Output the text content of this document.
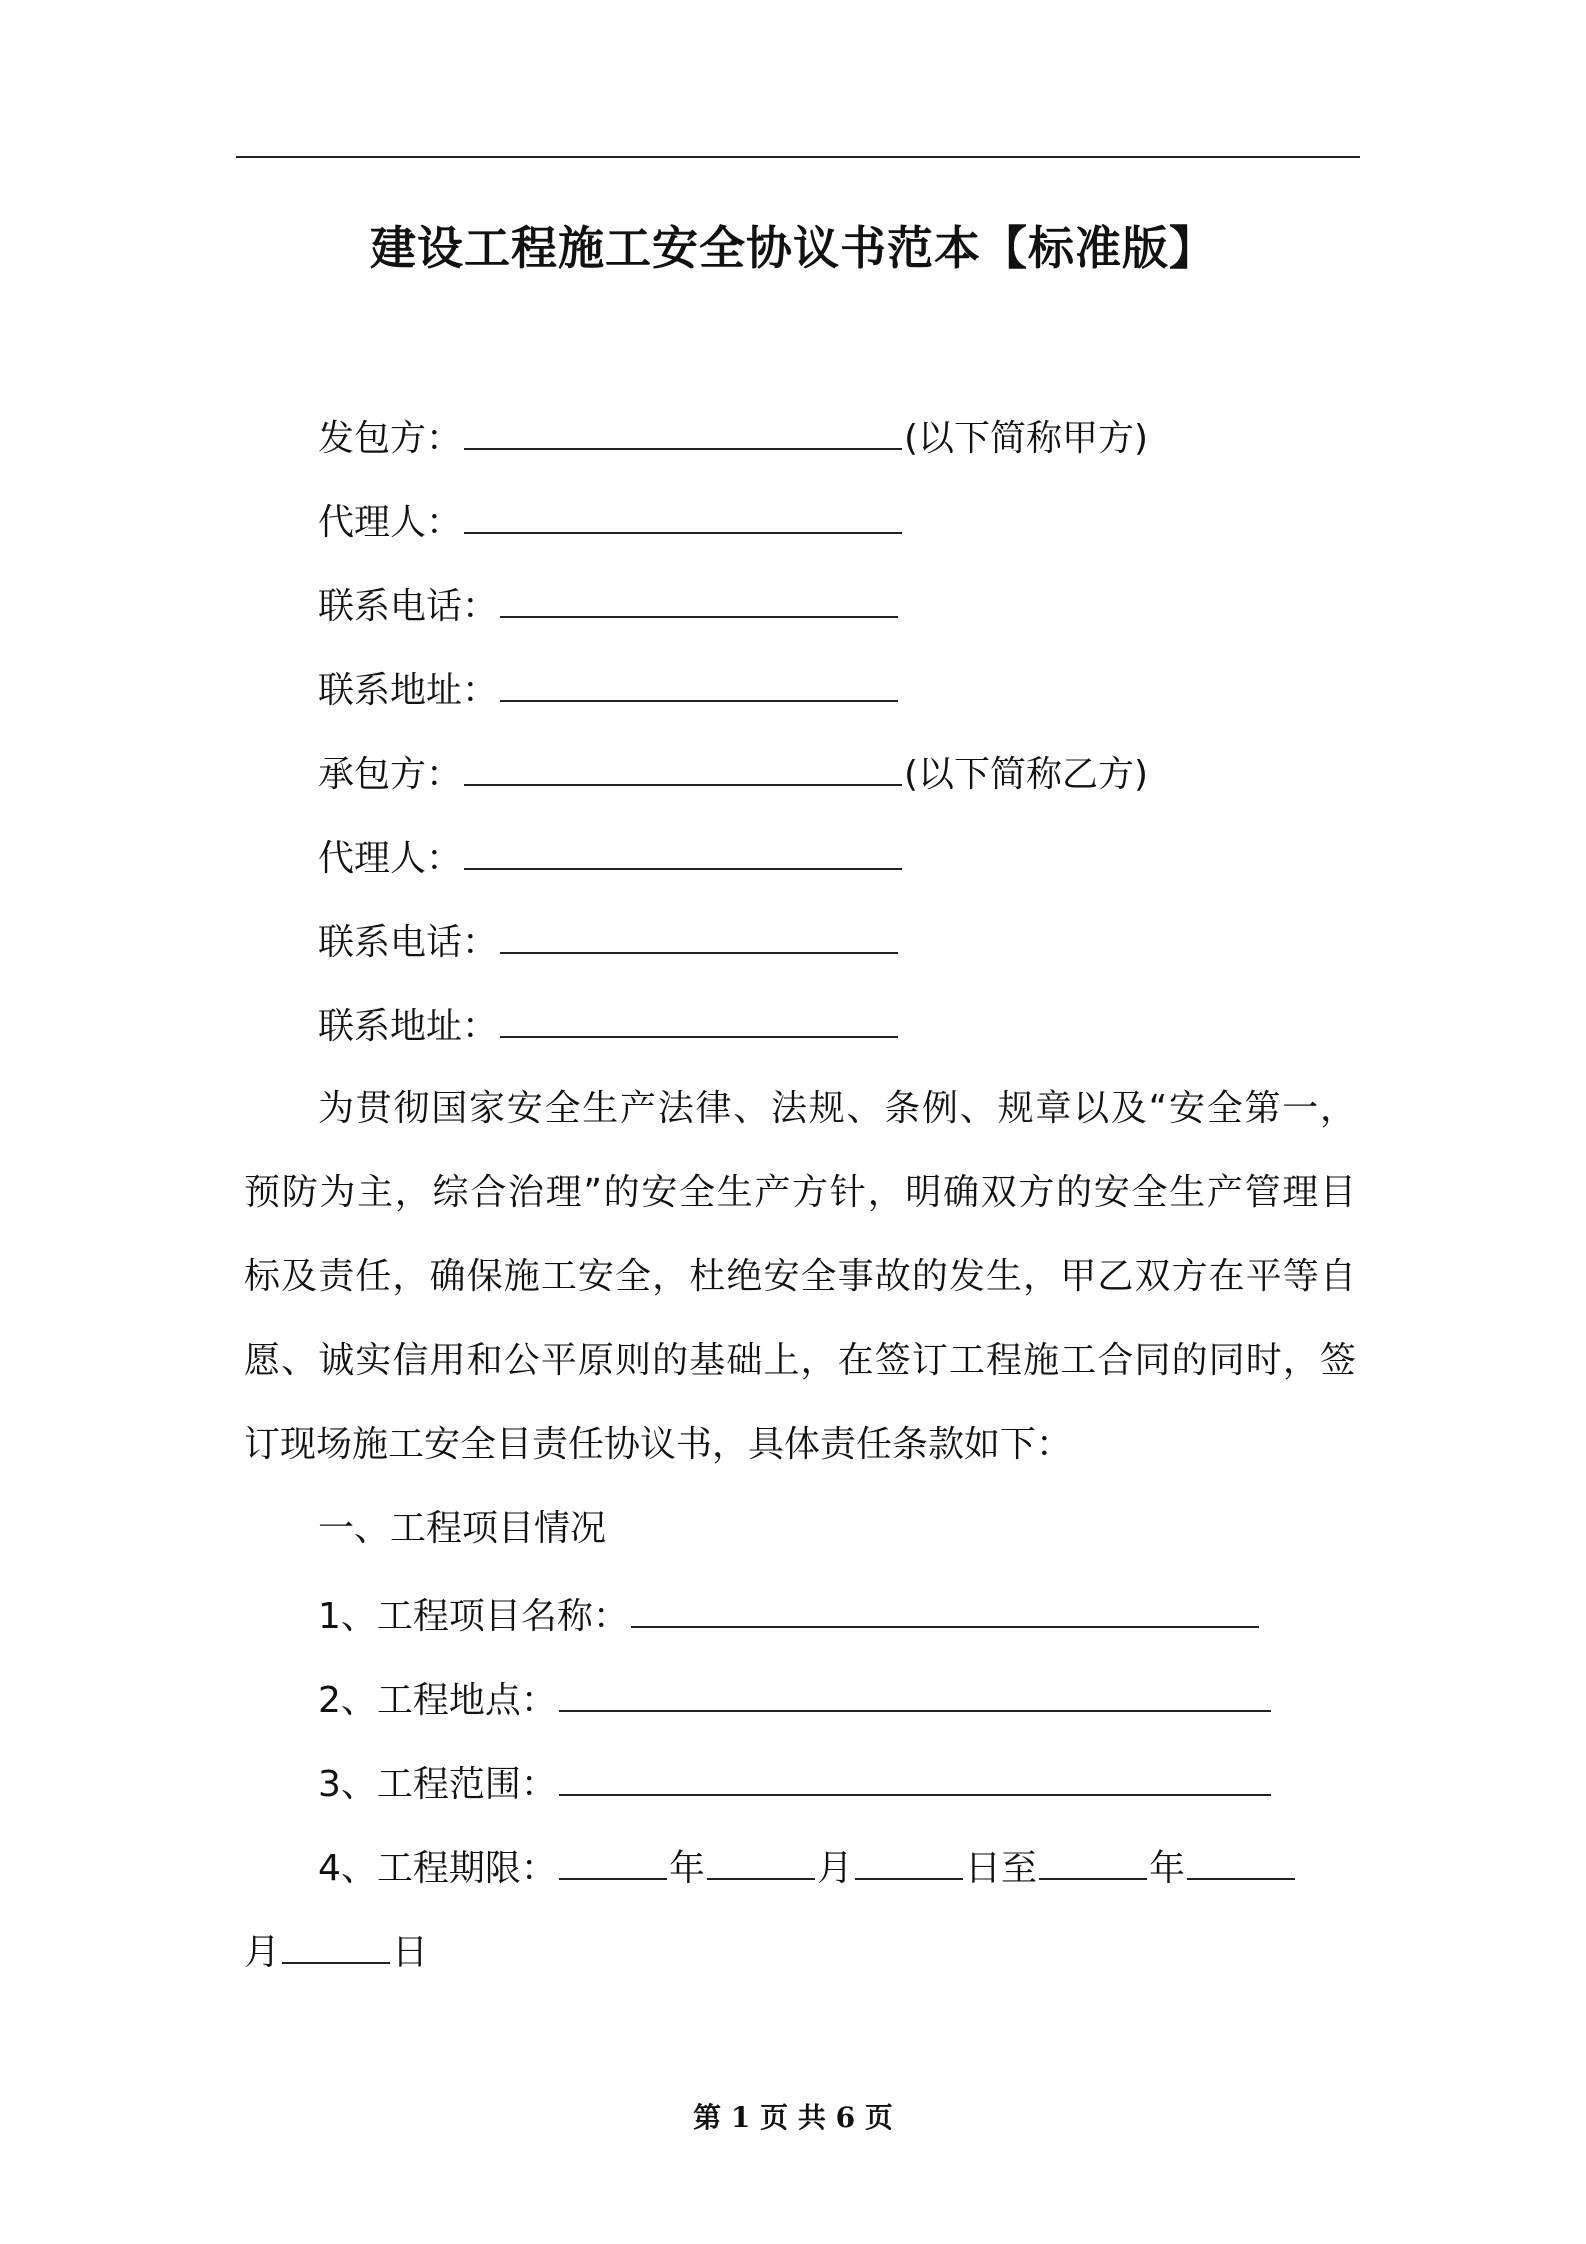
建设工程施工安全协议书范本【标准版】
发包方：	(以下简称甲方)
代理人：
联系电话：
联系地址：
承包方：	(以下简称乙方)
代理人：
联系电话：
联系地址：
为贯彻国家安全生产法律、法规、条例、规章以及“安全第一，
预防为主，综合治理”的安全生产方针，明确双方的安全生产管理目
标及责任，确保施工安全，杜绝安全事故的发生，甲乙双方在平等自
愿、诚实信用和公平原则的基础上，在签订工程施工合同的同时，签
订现场施工安全目责任协议书，具体责任条款如下：
一、工程项目情况
1、工程项目名称：
2、工程地点：
3、工程范围：
4、工程期限：	年	月	日至	年
月	日
第 1 页 共 6 页
